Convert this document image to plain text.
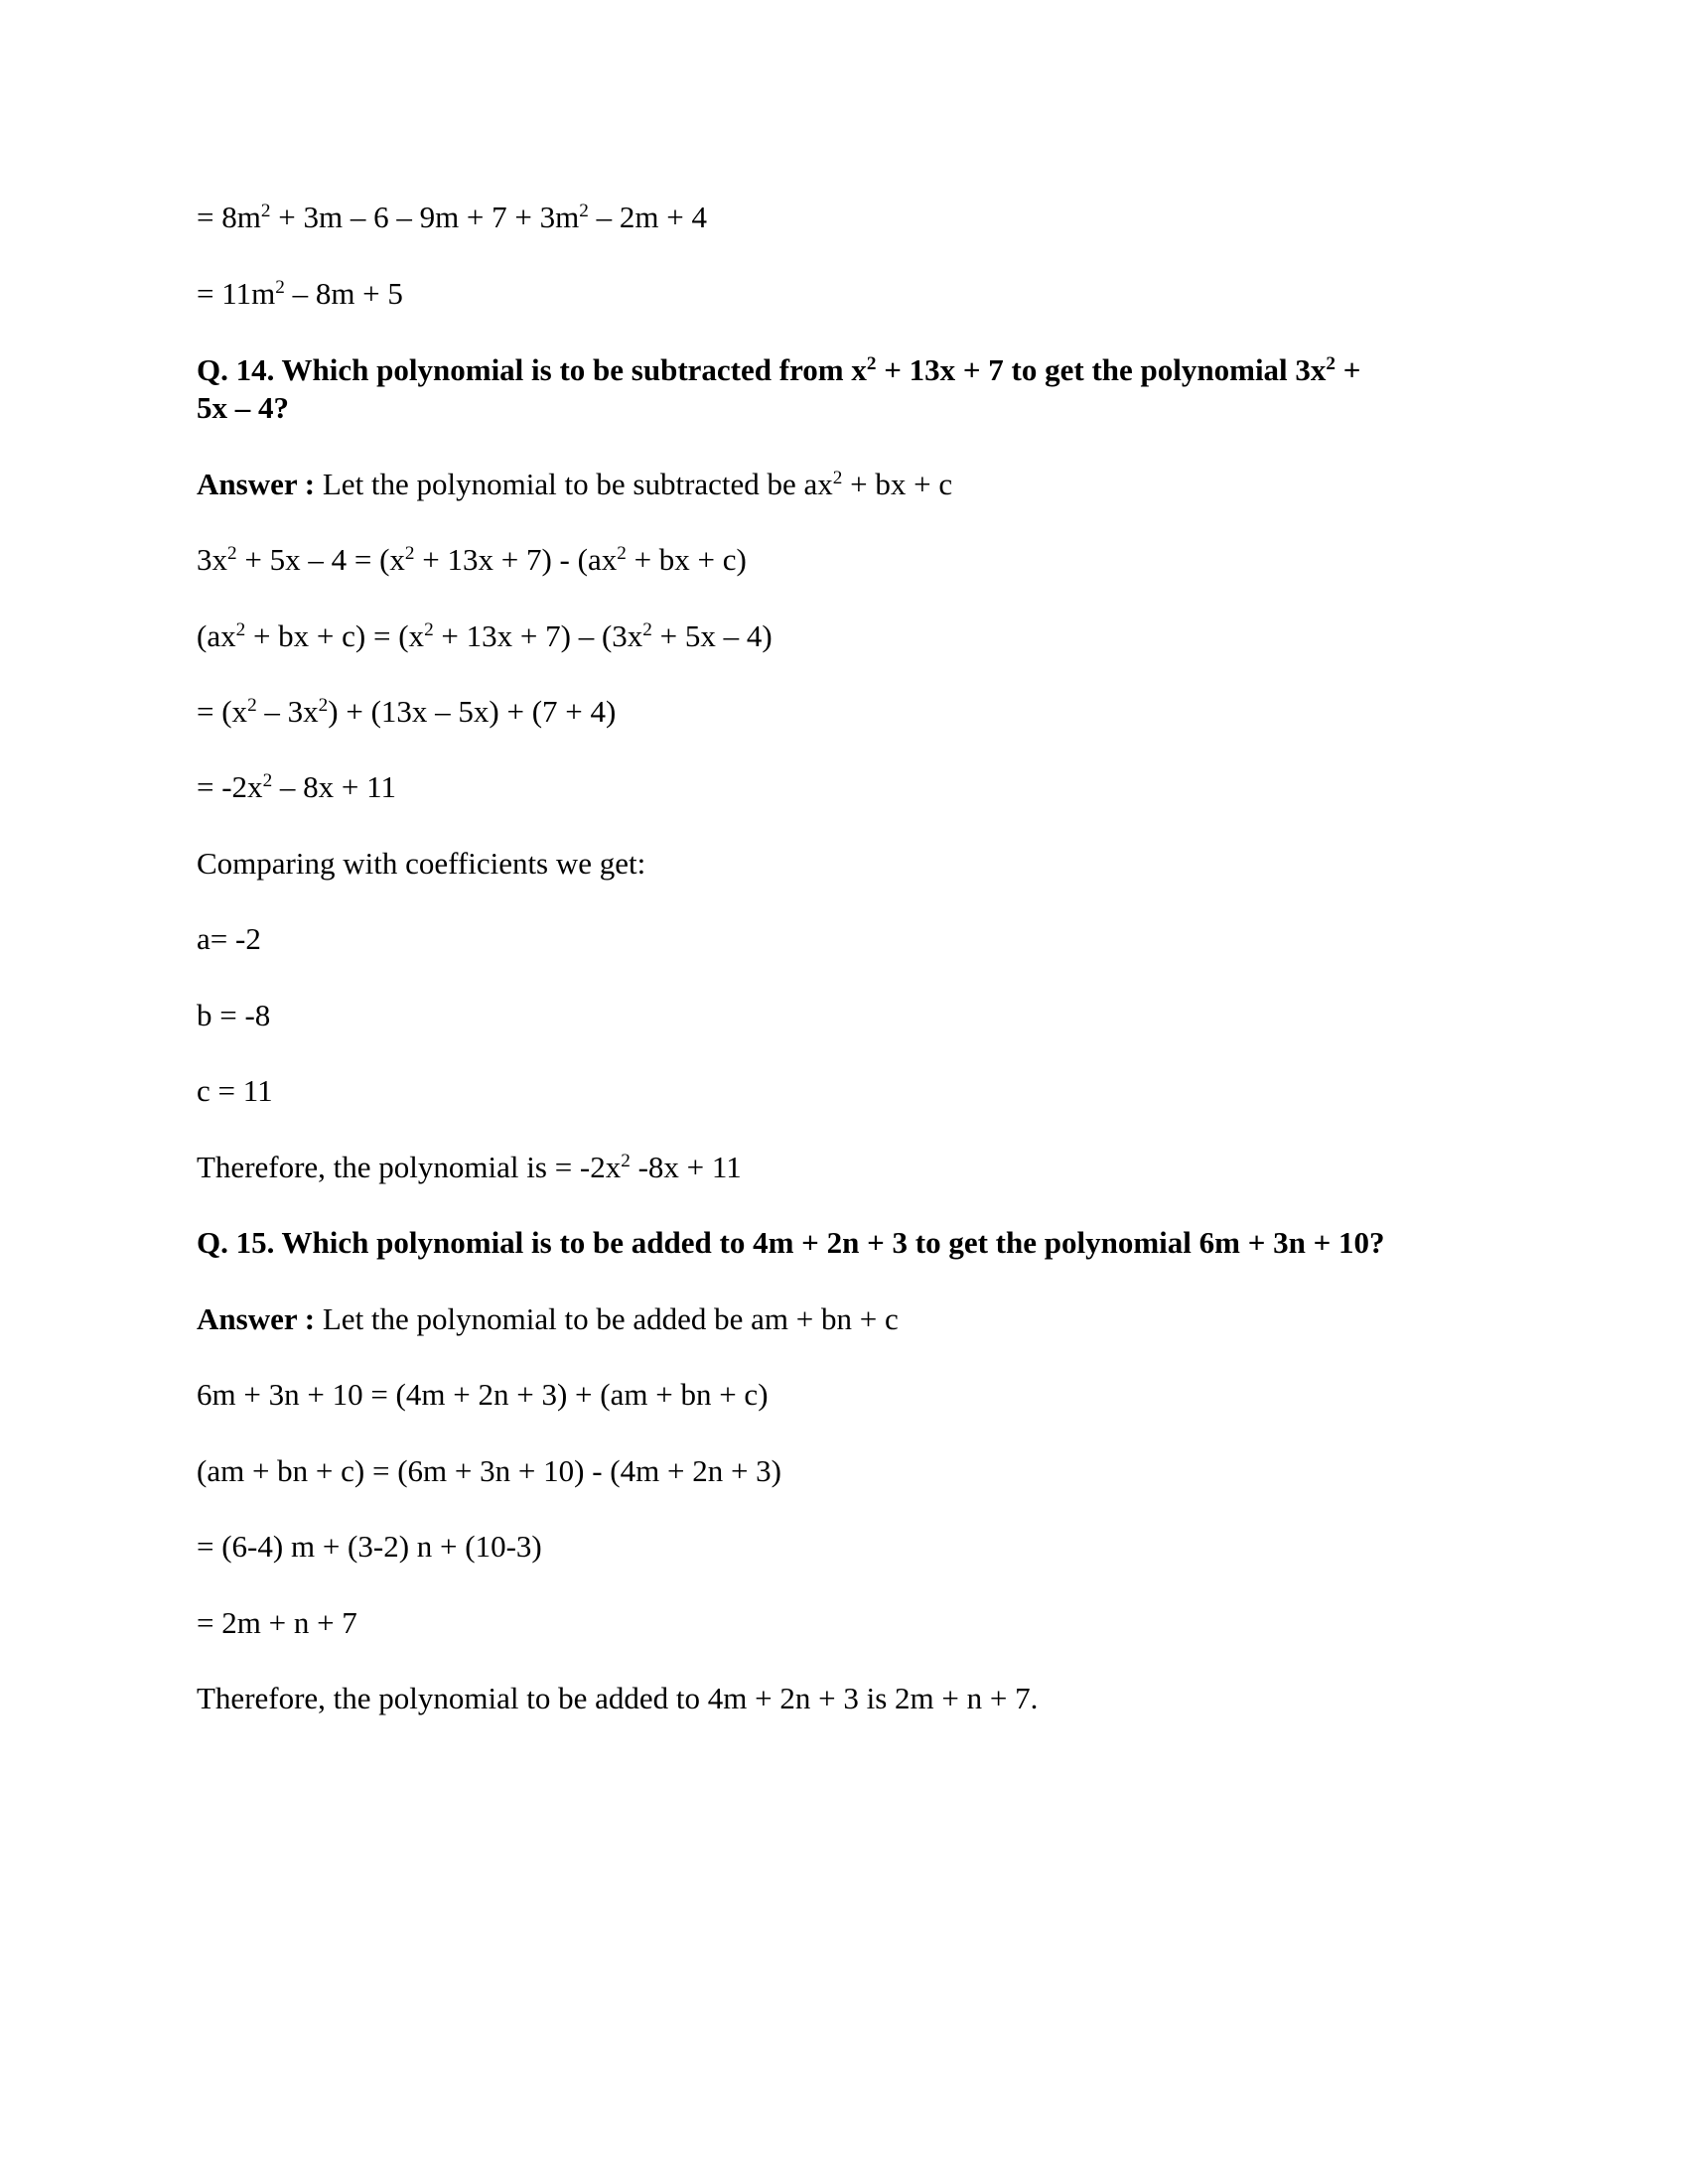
= $8m^2 + 3m - 6 - 9m + 7 + 3m^2 - 2m + 4$
= $11m^2 - 8m + 5$
Q. 14. Which polynomial is to be subtracted from $x^2 + 13x + 7$ to get the polynomial $3x^2$ +
5x – 4?
Answer : Let the polynomial to be subtracted be $ax^2$ + bx + c
$3x^2 + 5x - 4 = (x^2 + 13x + 7) - (ax^2$ + bx + c)
($ax^2$ + bx + $c) = (x^2 + 13x + 7) - (3x^2 + 5x - 4)$
= $(x^2 - 3x^2) + (13x - 5x) + (7 + 4)$
= $-2x^2 - 8x + 11$
Comparing with coefficients we get:
a= -2
b = -8
c = 11
Therefore, the polynomial is = $-2x^2$ -8x + 11
Q. 15. Which polynomial is to be added to 4m + 2n + 3 to get the polynomial 6m + 3n + 10?
Answer : Let the polynomial to be added be am + bn + c
6m + 3n + 10 = (4m + 2n + 3) + (am + bn + c)
(am + bn + c) = (6m + 3n + 10) - (4m + 2n + 3)
= (6-4) m + (3-2) n + (10-3)
= 2m + n + 7
Therefore, the polynomial to be added to 4m + 2n + 3 is 2m + n + 7.
